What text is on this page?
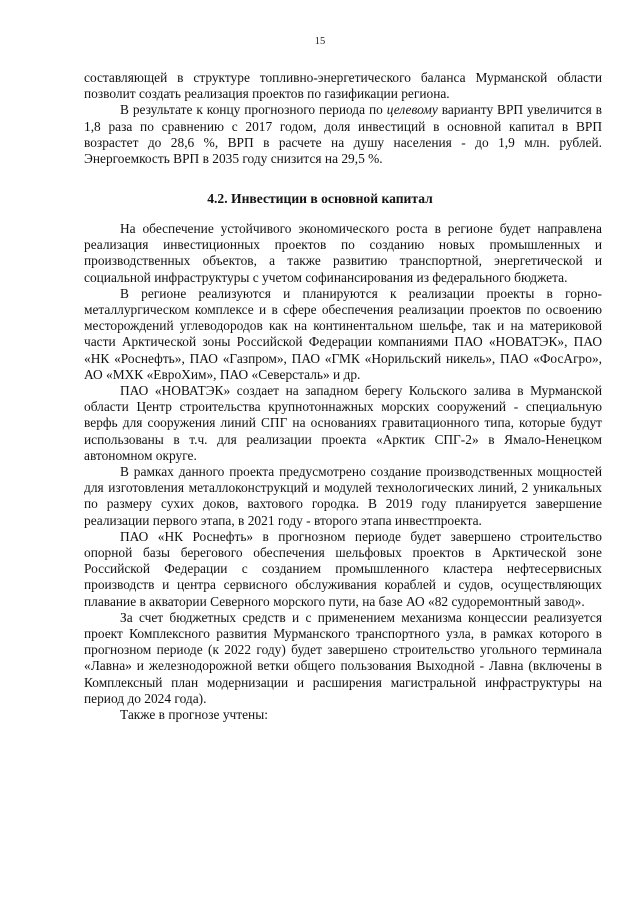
15

составляющей в структуре топливно-энергетического баланса Мурманской области позволит создать реализация проектов по газификации региона.

В результате к концу прогнозного периода по целевому варианту ВРП увеличится в 1,8 раза по сравнению с 2017 годом, доля инвестиций в основной капитал в ВРП возрастет до 28,6 %, ВРП в расчете на душу населения - до 1,9 млн. рублей. Энергоемкость ВРП в 2035 году снизится на 29,5 %.

4.2. Инвестиции в основной капитал

На обеспечение устойчивого экономического роста в регионе будет направлена реализация инвестиционных проектов по созданию новых промышленных и производственных объектов, а также развитию транспортной, энергетической и социальной инфраструктуры с учетом софинансирования из федерального бюджета.

В регионе реализуются и планируются к реализации проекты в горно-металлургическом комплексе и в сфере обеспечения реализации проектов по освоению месторождений углеводородов как на континентальном шельфе, так и на материковой части Арктической зоны Российской Федерации компаниями ПАО «НОВАТЭК», ПАО «НК «Роснефть», ПАО «Газпром», ПАО «ГМК «Норильский никель», ПАО «ФосАгро», АО «МХК «ЕвроХим», ПАО «Северсталь» и др.

ПАО «НОВАТЭК» создает на западном берегу Кольского залива в Мурманской области Центр строительства крупнотоннажных морских сооружений - специальную верфь для сооружения линий СПГ на основаниях гравитационного типа, которые будут использованы в т.ч. для реализации проекта «Арктик СПГ-2» в Ямало-Ненецком автономном округе.

В рамках данного проекта предусмотрено создание производственных мощностей для изготовления металлоконструкций и модулей технологических линий, 2 уникальных по размеру сухих доков, вахтового городка. В 2019 году планируется завершение реализации первого этапа, в 2021 году - второго этапа инвестпроекта.

ПАО «НК Роснефть» в прогнозном периоде будет завершено строительство опорной базы берегового обеспечения шельфовых проектов в Арктической зоне Российской Федерации с созданием промышленного кластера нефтесервисных производств и центра сервисного обслуживания кораблей и судов, осуществляющих плавание в акватории Северного морского пути, на базе АО «82 судоремонтный завод».

За счет бюджетных средств и с применением механизма концессии реализуется проект Комплексного развития Мурманского транспортного узла, в рамках которого в прогнозном периоде (к 2022 году) будет завершено строительство угольного терминала «Лавна» и железнодорожной ветки общего пользования Выходной - Лавна (включены в Комплексный план модернизации и расширения магистральной инфраструктуры на период до 2024 года).

Также в прогнозе учтены:
